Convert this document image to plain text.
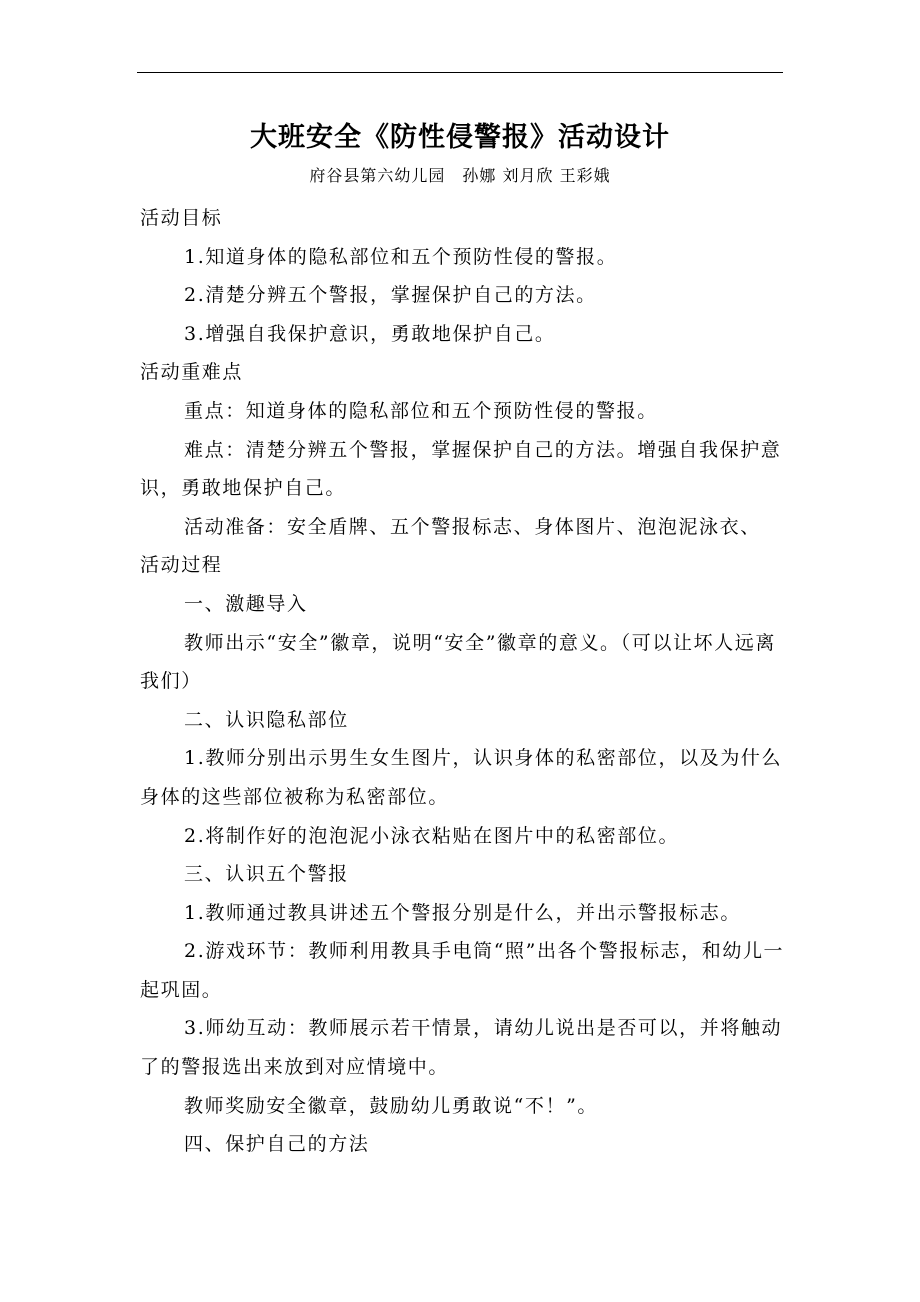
大班安全《防性侵警报》活动设计
府谷县第六幼儿园　孙娜 刘月欣 王彩娥

活动目标

1.知道身体的隐私部位和五个预防性侵的警报。

2.清楚分辨五个警报，掌握保护自己的方法。

3.增强自我保护意识，勇敢地保护自己。

活动重难点

重点：知道身体的隐私部位和五个预防性侵的警报。

难点：清楚分辨五个警报，掌握保护自己的方法。增强自我保护意识，勇敢地保护自己。

活动准备：安全盾牌、五个警报标志、身体图片、泡泡泥泳衣、

活动过程

一、激趣导入

教师出示“安全”徽章，说明“安全”徽章的意义。（可以让坏人远离我们）

二、认识隐私部位

1.教师分别出示男生女生图片，认识身体的私密部位，以及为什么身体的这些部位被称为私密部位。

2.将制作好的泡泡泥小泳衣粘贴在图片中的私密部位。

三、认识五个警报

1.教师通过教具讲述五个警报分别是什么，并出示警报标志。

2.游戏环节：教师利用教具手电筒“照”出各个警报标志，和幼儿一起巩固。

3.师幼互动：教师展示若干情景，请幼儿说出是否可以，并将触动了的警报选出来放到对应情境中。

教师奖励安全徽章，鼓励幼儿勇敢说“不！”。

四、保护自己的方法
